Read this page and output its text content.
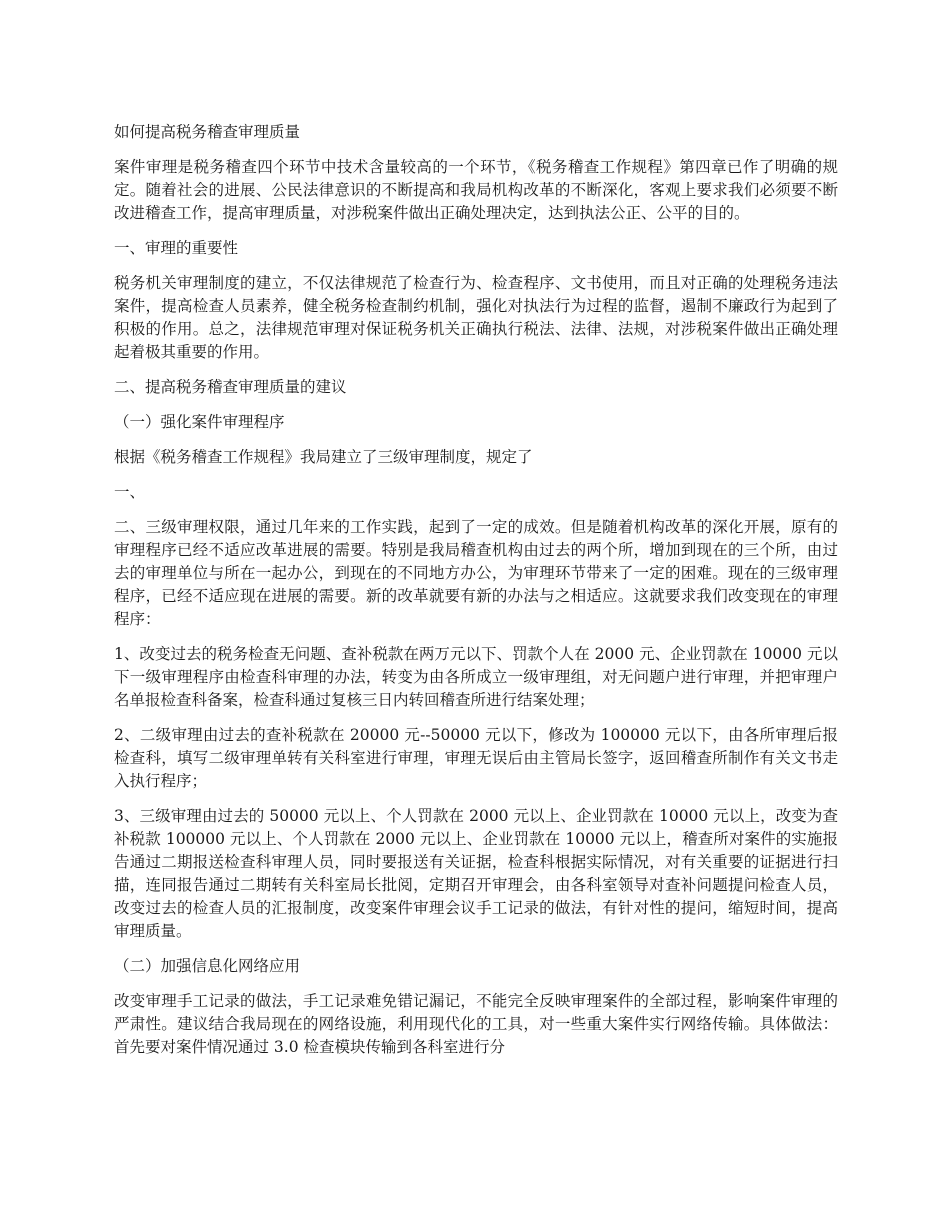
如何提高税务稽查审理质量

案件审理是税务稽查四个环节中技术含量较高的一个环节，《税务稽查工作规程》第四章已作了明确的规定。随着社会的进展、公民法律意识的不断提高和我局机构改革的不断深化，客观上要求我们必须要不断改进稽查工作，提高审理质量，对涉税案件做出正确处理决定，达到执法公正、公平的目的。

一、审理的重要性

税务机关审理制度的建立，不仅法律规范了检查行为、检查程序、文书使用，而且对正确的处理税务违法案件，提高检查人员素养，健全税务检查制约机制，强化对执法行为过程的监督，遏制不廉政行为起到了积极的作用。总之，法律规范审理对保证税务机关正确执行税法、法律、法规，对涉税案件做出正确处理起着极其重要的作用。

二、提高税务稽查审理质量的建议

（一）强化案件审理程序

根据《税务稽查工作规程》我局建立了三级审理制度，规定了

一、

二、三级审理权限，通过几年来的工作实践，起到了一定的成效。但是随着机构改革的深化开展，原有的审理程序已经不适应改革进展的需要。特别是我局稽查机构由过去的两个所，增加到现在的三个所，由过去的审理单位与所在一起办公，到现在的不同地方办公，为审理环节带来了一定的困难。现在的三级审理程序，已经不适应现在进展的需要。新的改革就要有新的办法与之相适应。这就要求我们改变现在的审理程序：

1、改变过去的税务检查无问题、查补税款在两万元以下、罚款个人在 2000 元、企业罚款在 10000 元以下一级审理程序由检查科审理的办法，转变为由各所成立一级审理组，对无问题户进行审理，并把审理户名单报检查科备案，检查科通过复核三日内转回稽查所进行结案处理；

2、二级审理由过去的查补税款在 20000 元--50000 元以下，修改为 100000 元以下，由各所审理后报检查科，填写二级审理单转有关科室进行审理，审理无误后由主管局长签字，返回稽查所制作有关文书走入执行程序；

3、三级审理由过去的 50000 元以上、个人罚款在 2000 元以上、企业罚款在 10000 元以上，改变为查补税款 100000 元以上、个人罚款在 2000 元以上、企业罚款在 10000 元以上，稽查所对案件的实施报告通过二期报送检查科审理人员，同时要报送有关证据，检查科根据实际情况，对有关重要的证据进行扫描，连同报告通过二期转有关科室局长批阅，定期召开审理会，由各科室领导对查补问题提问检查人员，改变过去的检查人员的汇报制度，改变案件审理会议手工记录的做法，有针对性的提问，缩短时间，提高审理质量。

（二）加强信息化网络应用

改变审理手工记录的做法，手工记录难免错记漏记，不能完全反映审理案件的全部过程，影响案件审理的严肃性。建议结合我局现在的网络设施，利用现代化的工具，对一些重大案件实行网络传输。具体做法：首先要对案件情况通过 3.0 检查模块传输到各科室进行分
